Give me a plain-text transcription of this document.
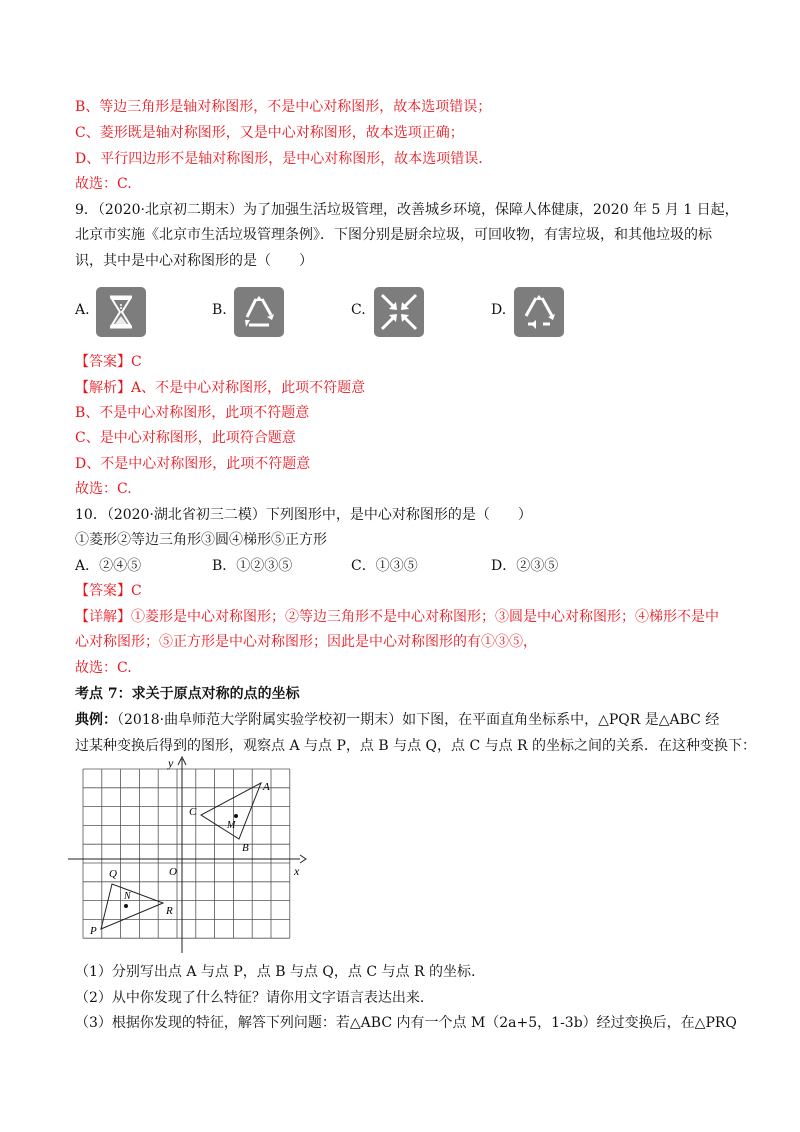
B、等边三角形是轴对称图形，不是中心对称图形，故本选项错误；
C、菱形既是轴对称图形，又是中心对称图形，故本选项正确；
D、平行四边形不是轴对称图形，是中心对称图形，故本选项错误.
故选：C.
9．（2020·北京初二期末）为了加强生活垃圾管理，改善城乡环境，保障人体健康，2020 年 5 月 1 日起，
北京市实施《北京市生活垃圾管理条例》．下图分别是厨余垃圾，可回收物，有害垃圾，和其他垃圾的标
识，其中是中心对称图形的是（　　）
A.	B.	C.	D.
【答案】C
【解析】A、不是中心对称图形，此项不符题意
B、不是中心对称图形，此项不符题意
C、是中心对称图形，此项符合题意
D、不是中心对称图形，此项不符题意
故选：C.
10．（2020·湖北省初三二模）下列图形中，是中心对称图形的是（　　）
①菱形②等边三角形③圆④梯形⑤正方形
A．②④⑤	B．①②③⑤	C．①③⑤	D．②③⑤
【答案】C
【详解】①菱形是中心对称图形；②等边三角形不是中心对称图形；③圆是中心对称图形；④梯形不是中
心对称图形；⑤正方形是中心对称图形；因此是中心对称图形的有①③⑤，
故选：C.
考点 7：求关于原点对称的点的坐标
典例：（2018·曲阜师范大学附属实验学校初一期末）如下图，在平面直角坐标系中，△PQR 是△ABC 经
过某种变换后得到的图形，观察点 A 与点 P，点 B 与点 Q，点 C 与点 R 的坐标之间的关系．在这种变换下：
x
y
O
A
B
C
M
P
Q
R
N
（1）分别写出点 A 与点 P，点 B 与点 Q，点 C 与点 R 的坐标.
（2）从中你发现了什么特征？请你用文字语言表达出来.
（3）根据你发现的特征，解答下列问题：若△ABC 内有一个点 M（2a+5，1-3b）经过变换后，在△PRQ
